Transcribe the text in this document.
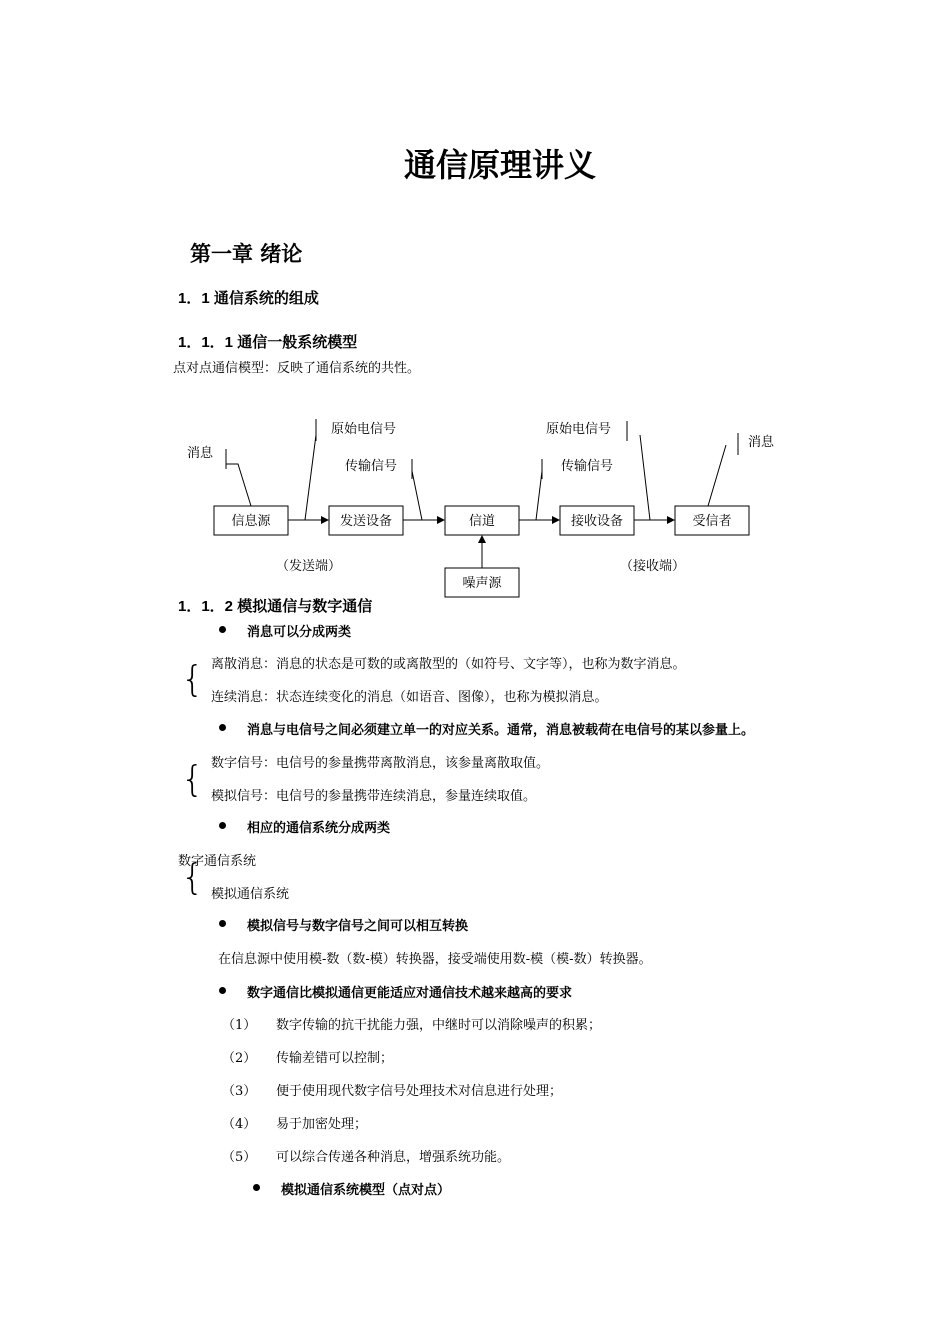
通信原理讲义
第一章 绪论
1．1 通信系统的组成
1．1．1 通信一般系统模型
点对点通信模型：反映了通信系统的共性。
信息源	发送设备	信道	接收设备	受信者
噪声源
消息
原始电信号
传输信号
原始电信号
传输信号
消息
（发送端）	（接收端）
1．1．2 模拟通信与数字通信
消息可以分成两类
离散消息：消息的状态是可数的或离散型的（如符号、文字等），也称为数字消息。
{ 连续消息：状态连续变化的消息（如语音、图像），也称为模拟消息。
消息与电信号之间必须建立单一的对应关系。通常，消息被载荷在电信号的某以参量上。
数字信号：电信号的参量携带离散消息，该参量离散取值。
{ 模拟信号：电信号的参量携带连续消息，参量连续取值。
相应的通信系统分成两类
数字通信系统
{ 模拟通信系统
模拟信号与数字信号之间可以相互转换
在信息源中使用模-数（数-模）转换器，接受端使用数-模（模-数）转换器。
数字通信比模拟通信更能适应对通信技术越来越高的要求
（1） 数字传输的抗干扰能力强，中继时可以消除噪声的积累；
（2） 传输差错可以控制；
（3） 便于使用现代数字信号处理技术对信息进行处理；
（4） 易于加密处理；
（5） 可以综合传递各种消息，增强系统功能。
模拟通信系统模型（点对点）
